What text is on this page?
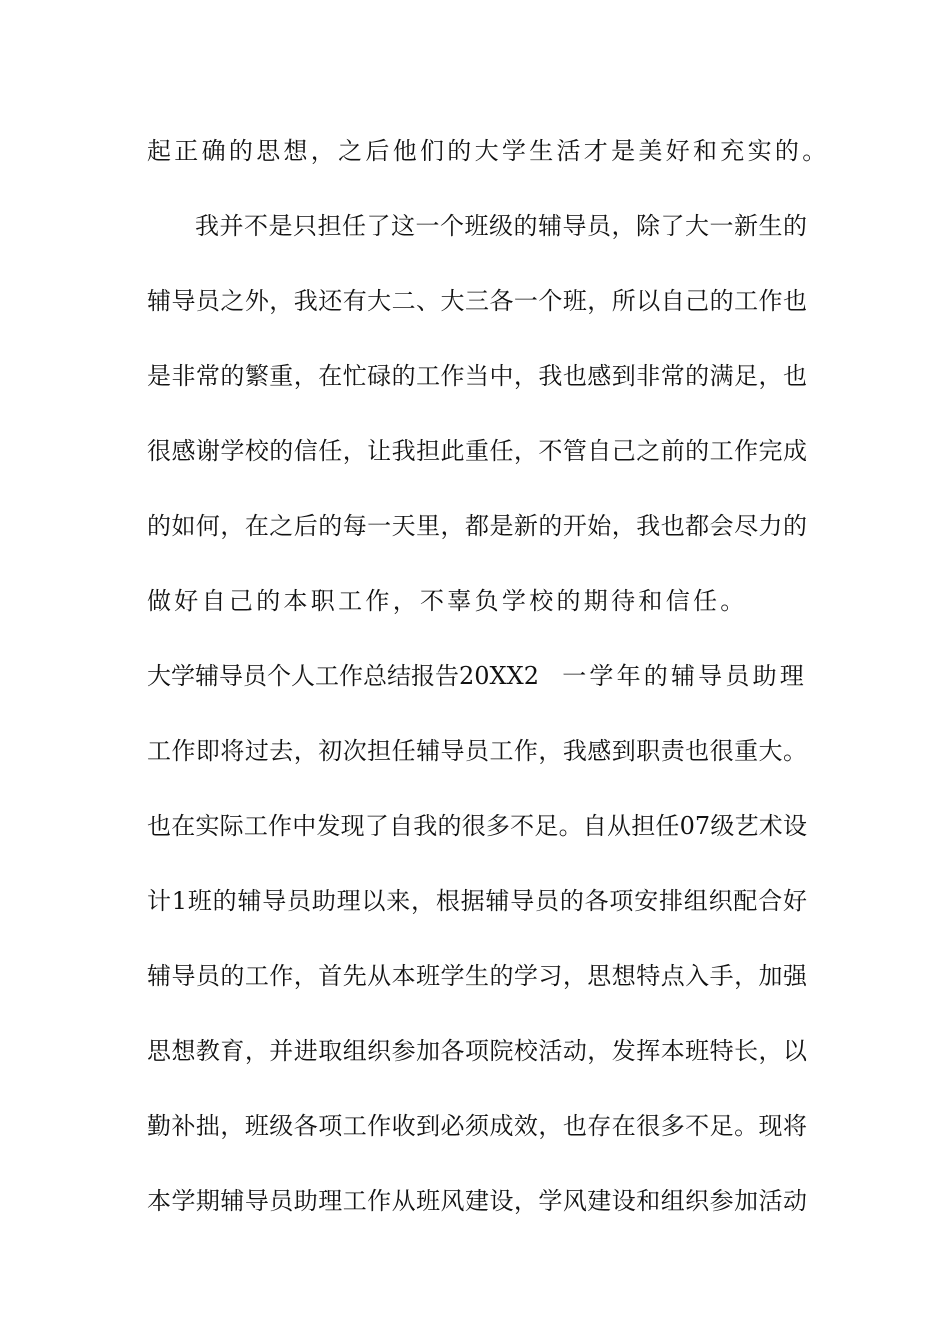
起正确的思想，之后他们的大学生活才是美好和充实的。
我并不是只担任了这一个班级的辅导员，除了大一新生的
辅导员之外，我还有大二、大三各一个班，所以自己的工作也
是非常的繁重，在忙碌的工作当中，我也感到非常的满足，也
很感谢学校的信任，让我担此重任，不管自己之前的工作完成
的如何，在之后的每一天里，都是新的开始，我也都会尽力的
做好自己的本职工作，不辜负学校的期待和信任。
大学辅导员个人工作总结报告20XX2 一学年的辅导员助理
工作即将过去，初次担任辅导员工作，我感到职责也很重大。
也在实际工作中发现了自我的很多不足。自从担任07级艺术设
计1班的辅导员助理以来，根据辅导员的各项安排组织配合好
辅导员的工作，首先从本班学生的学习，思想特点入手，加强
思想教育，并进取组织参加各项院校活动，发挥本班特长，以
勤补拙，班级各项工作收到必须成效，也存在很多不足。现将
本学期辅导员助理工作从班风建设，学风建设和组织参加活动
